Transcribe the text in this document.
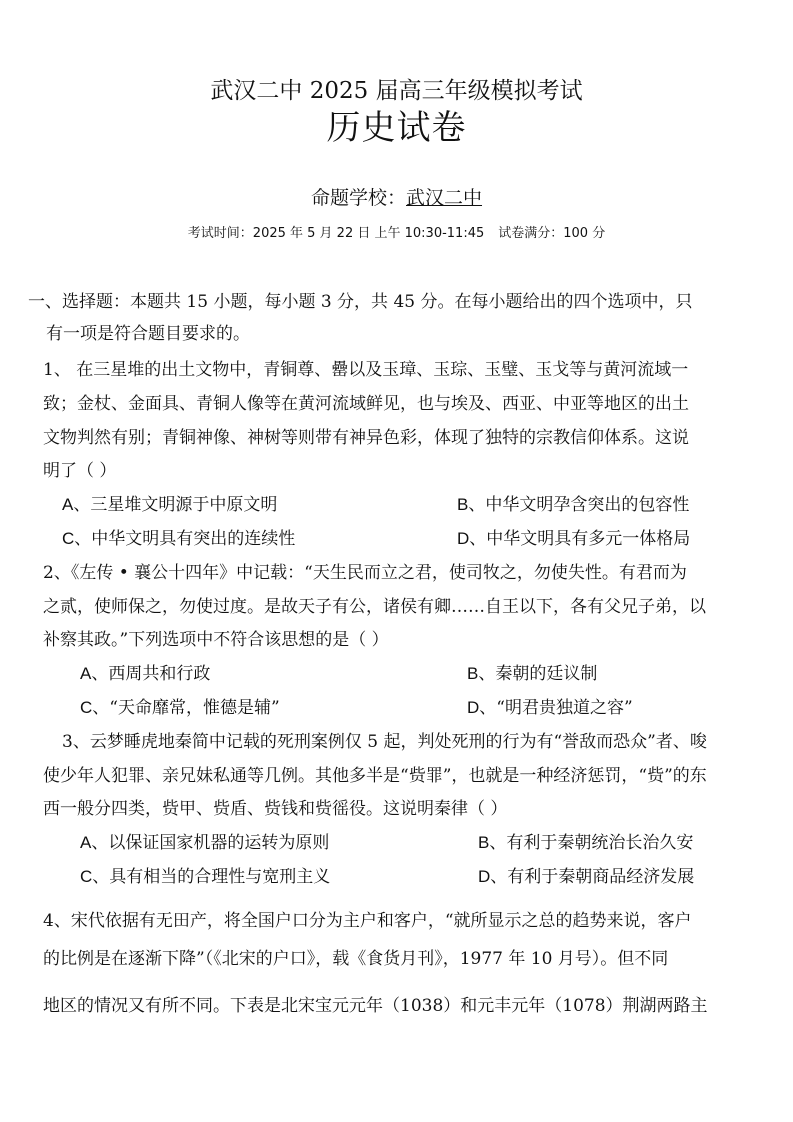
武汉二中 2025 届高三年级模拟考试
历史试卷
命题学校：武汉二中
考试时间：2025 年 5 月 22 日 上午 10:30-11:45 试卷满分：100 分
一、选择题：本题共 15 小题，每小题 3 分，共 45 分。在每小题给出的四个选项中，只
有一项是符合题目要求的。
1、 在三星堆的出土文物中，青铜尊、罍以及玉璋、玉琮、玉璧、玉戈等与黄河流域一
致；金杖、金面具、青铜人像等在黄河流域鲜见，也与埃及、西亚、中亚等地区的出土
文物判然有别；青铜神像、神树等则带有神异色彩，体现了独特的宗教信仰体系。这说
明了（ ）
A、三星堆文明源于中原文明	B、中华文明孕含突出的包容性
C、中华文明具有突出的连续性	D、中华文明具有多元一体格局
2、《左传 • 襄公十四年》中记载：“天生民而立之君，使司牧之，勿使失性。有君而为
之贰，使师保之，勿使过度。是故天子有公，诸侯有卿……自王以下，各有父兄子弟，以
补察其政。”下列选项中不符合该思想的是（ ）
A、西周共和行政	B、秦朝的廷议制
C、“天命靡常，惟德是辅”	D、“明君贵独道之容”
3、云梦睡虎地秦简中记载的死刑案例仅 5 起，判处死刑的行为有“誉敌而恐众”者、唆
使少年人犯罪、亲兄妹私通等几例。其他多半是“赀罪”，也就是一种经济惩罚，“赀”的东
西一般分四类，赀甲、赀盾、赀钱和赀徭役。这说明秦律（ ）
A、以保证国家机器的运转为原则	B、有利于秦朝统治长治久安
C、具有相当的合理性与宽刑主义	D、有利于秦朝商品经济发展
4、宋代依据有无田产，将全国户口分为主户和客户，“就所显示之总的趋势来说，客户
的比例是在逐渐下降”（《北宋的户口》，载《食货月刊》，1977 年 10 月号）。但不同
地区的情况又有所不同。下表是北宋宝元元年（1038）和元丰元年（1078）荆湖两路主
